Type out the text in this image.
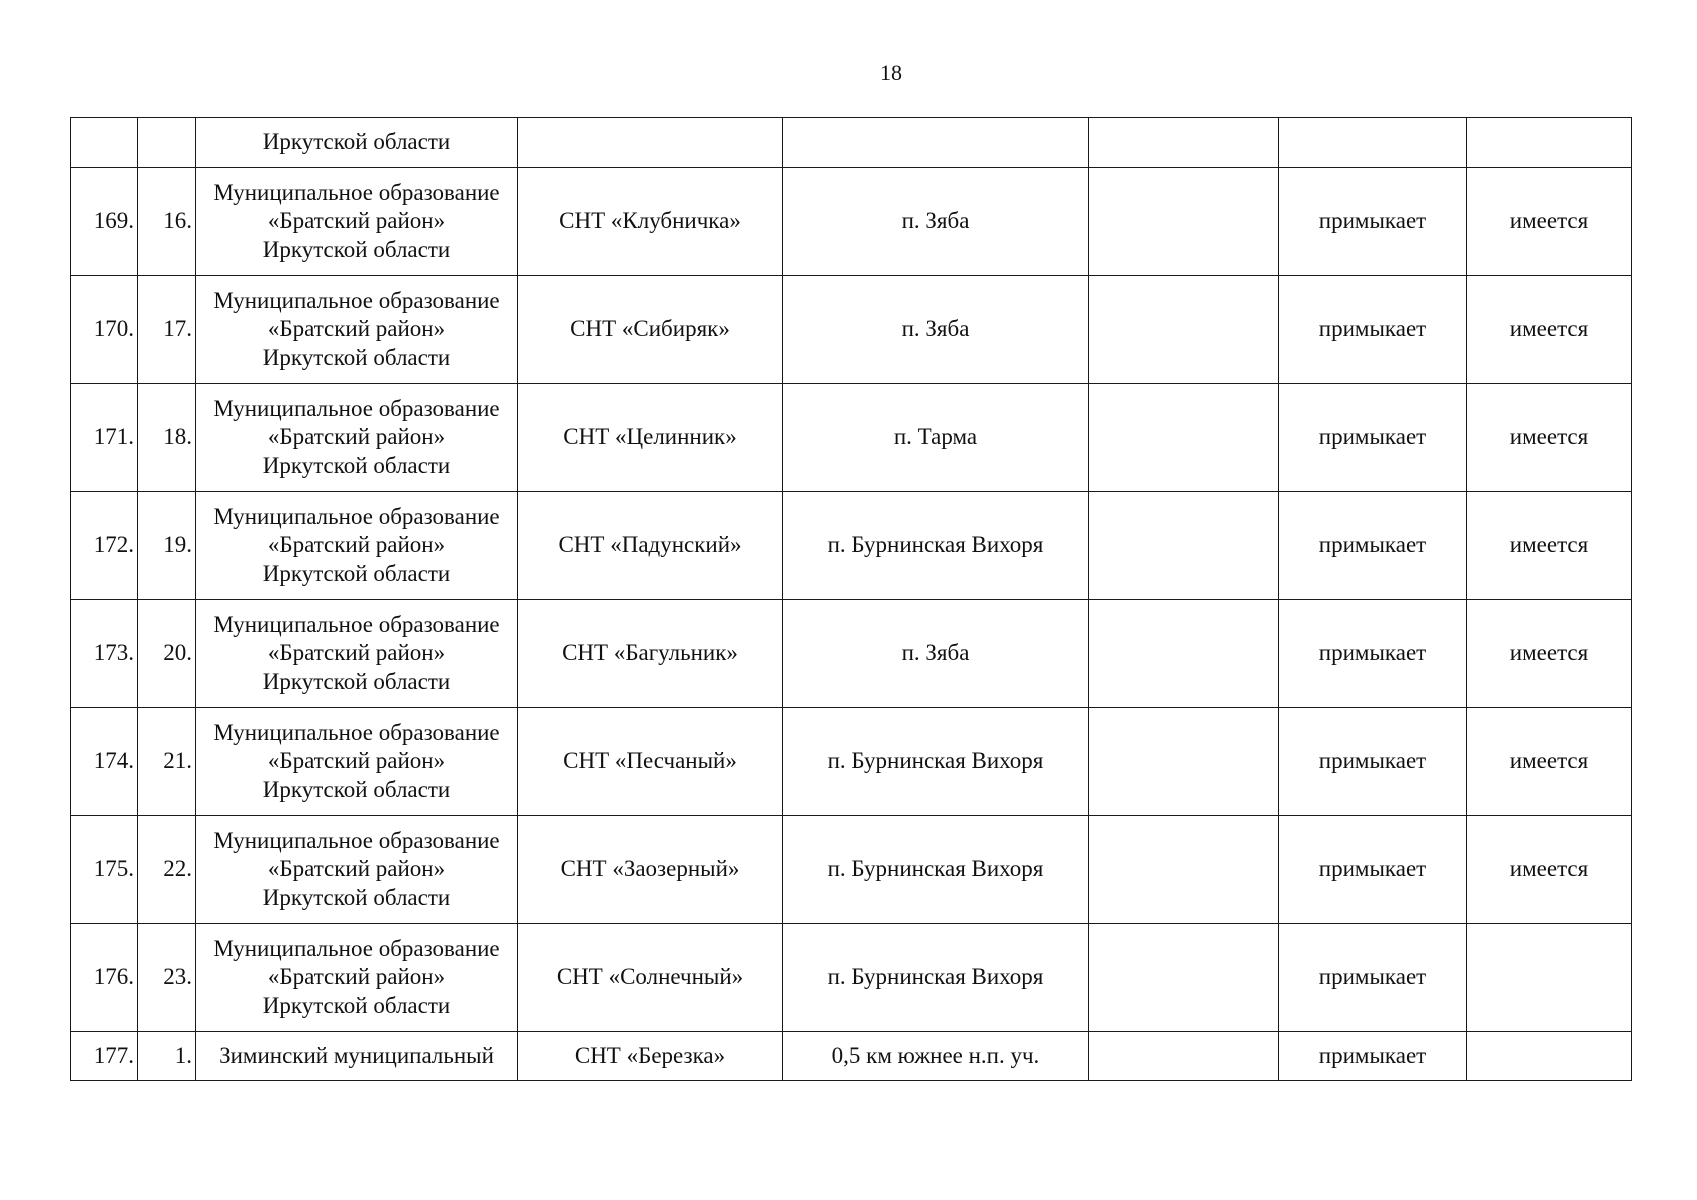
18

		Иркутской области					

169.	16.	Муниципальное образование
«Братский район»
Иркутской области	СНТ «Клубничка»	п. Зяба		примыкает	имеется
170.	17.	Муниципальное образование
«Братский район»
Иркутской области	СНТ «Сибиряк»	п. Зяба		примыкает	имеется
171.	18.	Муниципальное образование
«Братский район»
Иркутской области	СНТ «Целинник»	п. Тарма		примыкает	имеется
172.	19.	Муниципальное образование
«Братский район»
Иркутской области	СНТ «Падунский»	п. Бурнинская Вихоря		примыкает	имеется
173.	20.	Муниципальное образование
«Братский район»
Иркутской области	СНТ «Багульник»	п. Зяба		примыкает	имеется
174.	21.	Муниципальное образование
«Братский район»
Иркутской области	СНТ «Песчаный»	п. Бурнинская Вихоря		примыкает	имеется
175.	22.	Муниципальное образование
«Братский район»
Иркутской области	СНТ «Заозерный»	п. Бурнинская Вихоря		примыкает	имеется
176.	23.	Муниципальное образование
«Братский район»
Иркутской области	СНТ «Солнечный»	п. Бурнинская Вихоря		примыкает	
177.	1.	Зиминский муниципальный	СНТ «Березка»	0,5 км южнее н.п. уч.		примыкает	
